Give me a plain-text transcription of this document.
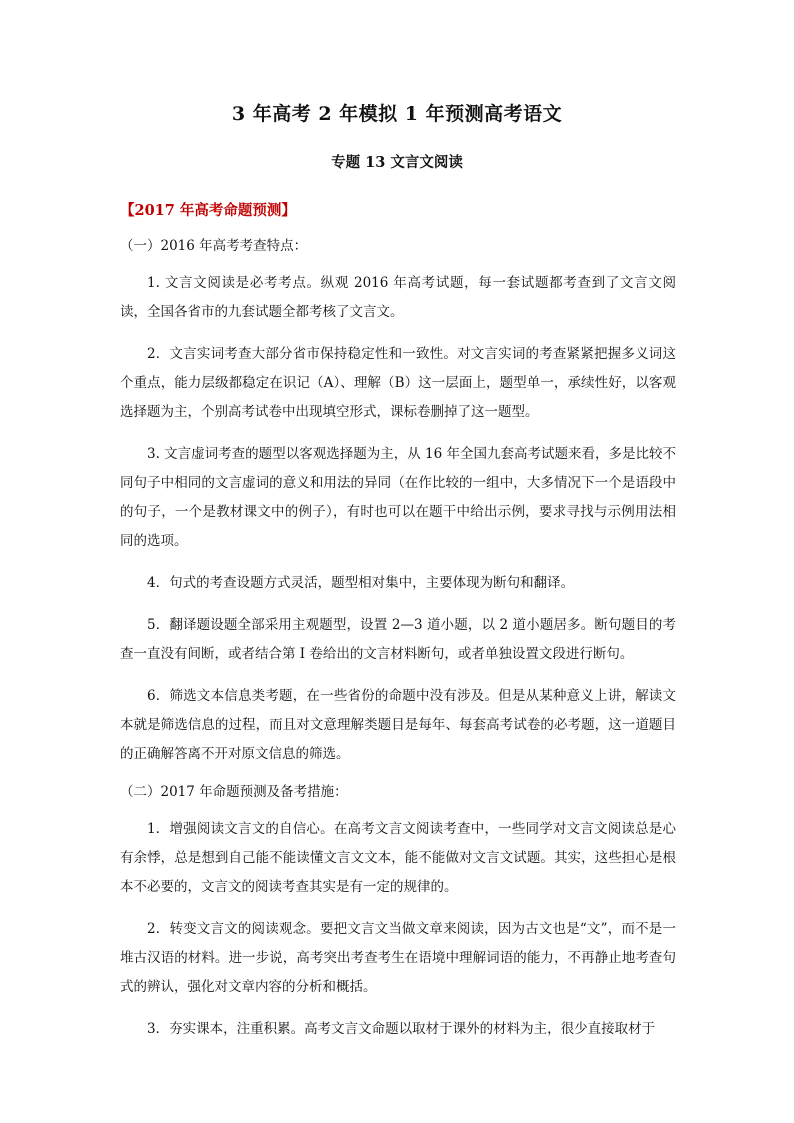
3 年高考 2 年模拟 1 年预测高考语文
专题 13 文言文阅读
【2017 年高考命题预测】

（一）2016 年高考考查特点：

1. 文言文阅读是必考考点。纵观 2016 年高考试题，每一套试题都考查到了文言文阅读，全国各省市的九套试题全都考核了文言文。

2．文言实词考查大部分省市保持稳定性和一致性。对文言实词的考查紧紧把握多义词这个重点，能力层级都稳定在识记（A）、理解（B）这一层面上，题型单一，承续性好，以客观选择题为主，个别高考试卷中出现填空形式，课标卷删掉了这一题型。

3. 文言虚词考查的题型以客观选择题为主，从 16 年全国九套高考试题来看，多是比较不同句子中相同的文言虚词的意义和用法的异同（在作比较的一组中，大多情况下一个是语段中的句子，一个是教材课文中的例子），有时也可以在题干中给出示例，要求寻找与示例用法相同的选项。

4．句式的考查设题方式灵活，题型相对集中，主要体现为断句和翻译。

5．翻译题设题全部采用主观题型，设置 2—3 道小题，以 2 道小题居多。断句题目的考查一直没有间断，或者结合第 I 卷给出的文言材料断句，或者单独设置文段进行断句。

6．筛选文本信息类考题，在一些省份的命题中没有涉及。但是从某种意义上讲，解读文本就是筛选信息的过程，而且对文意理解类题目是每年、每套高考试卷的必考题，这一道题目的正确解答离不开对原文信息的筛选。

（二）2017 年命题预测及备考措施：

1．增强阅读文言文的自信心。在高考文言文阅读考查中，一些同学对文言文阅读总是心有余悸，总是想到自己能不能读懂文言文文本，能不能做对文言文试题。其实，这些担心是根本不必要的，文言文的阅读考查其实是有一定的规律的。

2．转变文言文的阅读观念。要把文言文当做文章来阅读，因为古文也是“文”，而不是一堆古汉语的材料。进一步说，高考突出考查考生在语境中理解词语的能力，不再静止地考查句式的辨认，强化对文章内容的分析和概括。

3．夯实课本，注重积累。高考文言文命题以取材于课外的材料为主，很少直接取材于
